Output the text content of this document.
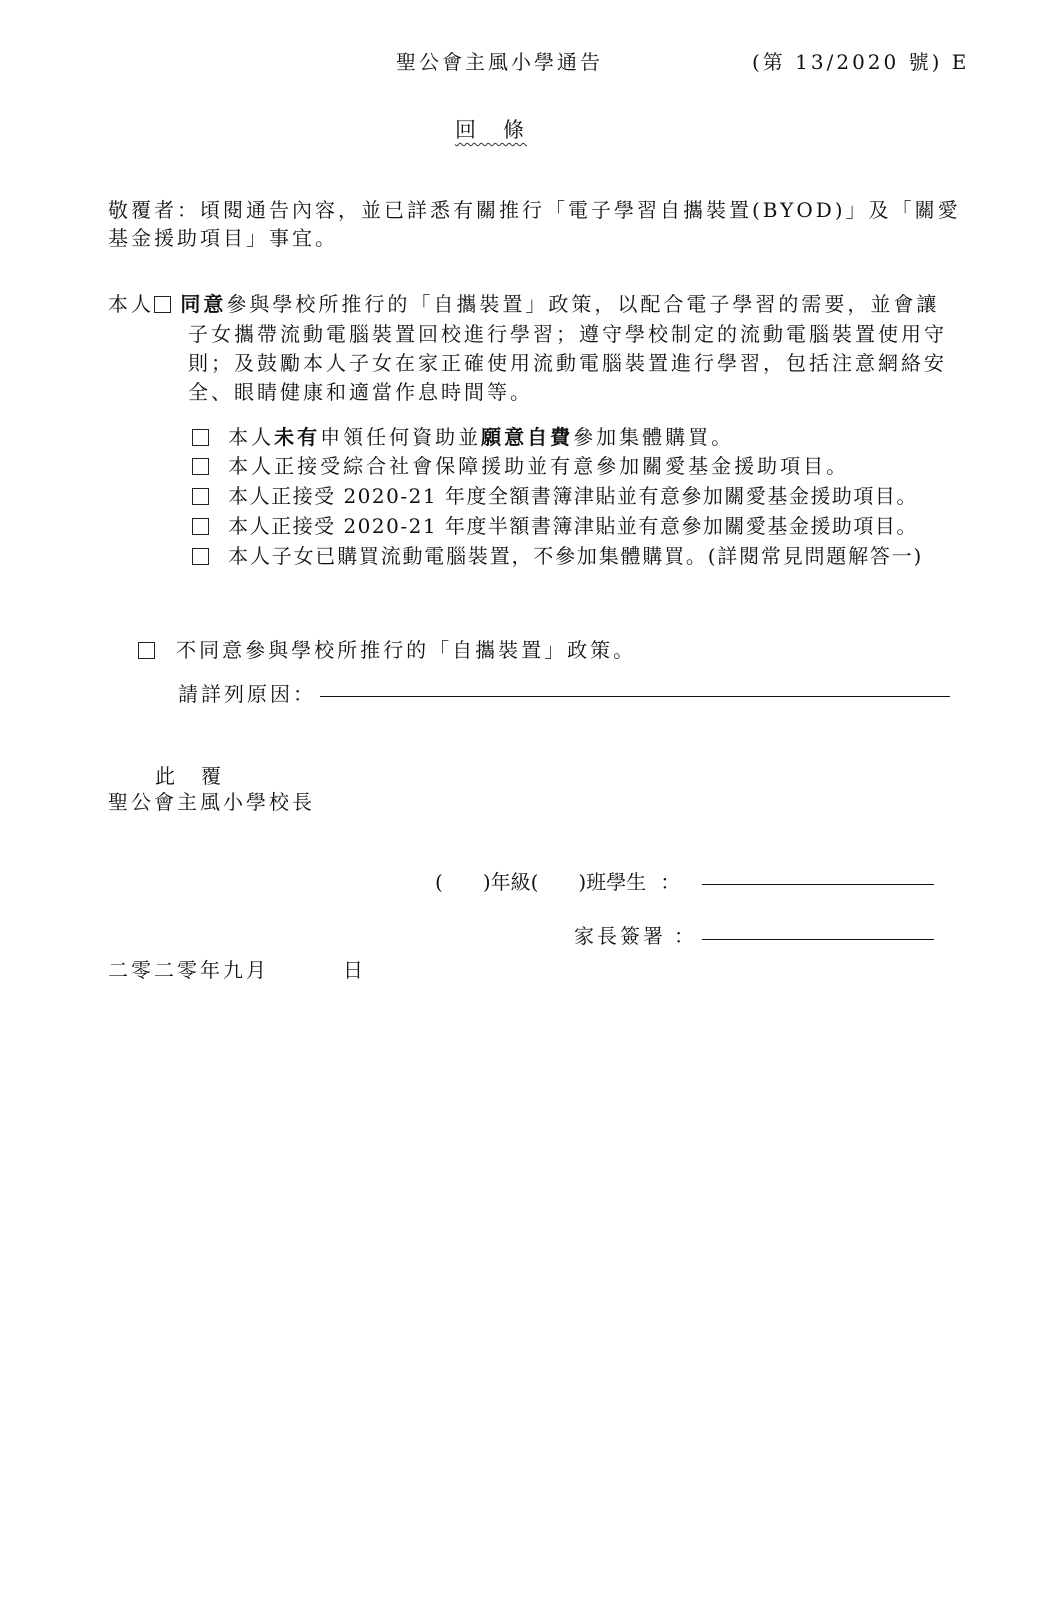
聖公會主風小學通告	(第 13/2020 號) E
回　條
敬覆者：頃閱通告內容，並已詳悉有關推行「電子學習自攜裝置(BYOD)」及「關愛
基金援助項目」事宜。
本人 同意參與學校所推行的「自攜裝置」政策，以配合電子學習的需要，並會讓
子女攜帶流動電腦裝置回校進行學習；遵守學校制定的流動電腦裝置使用守
則；及鼓勵本人子女在家正確使用流動電腦裝置進行學習，包括注意網絡安
全、眼睛健康和適當作息時間等。
本人未有申領任何資助並願意自費參加集體購買。
本人正接受綜合社會保障援助並有意參加關愛基金援助項目。
本人正接受 2020-21 年度全額書簿津貼並有意參加關愛基金援助項目。
本人正接受 2020-21 年度半額書簿津貼並有意參加關愛基金援助項目。
本人子女已購買流動電腦裝置，不參加集體購買。(詳閱常見問題解答一)
不同意參與學校所推行的「自攜裝置」政策。
請詳列原因：
此　覆
聖公會主風小學校長
( )年級( )班學生 ：
家長簽署 ：
二零二零年九月	日
